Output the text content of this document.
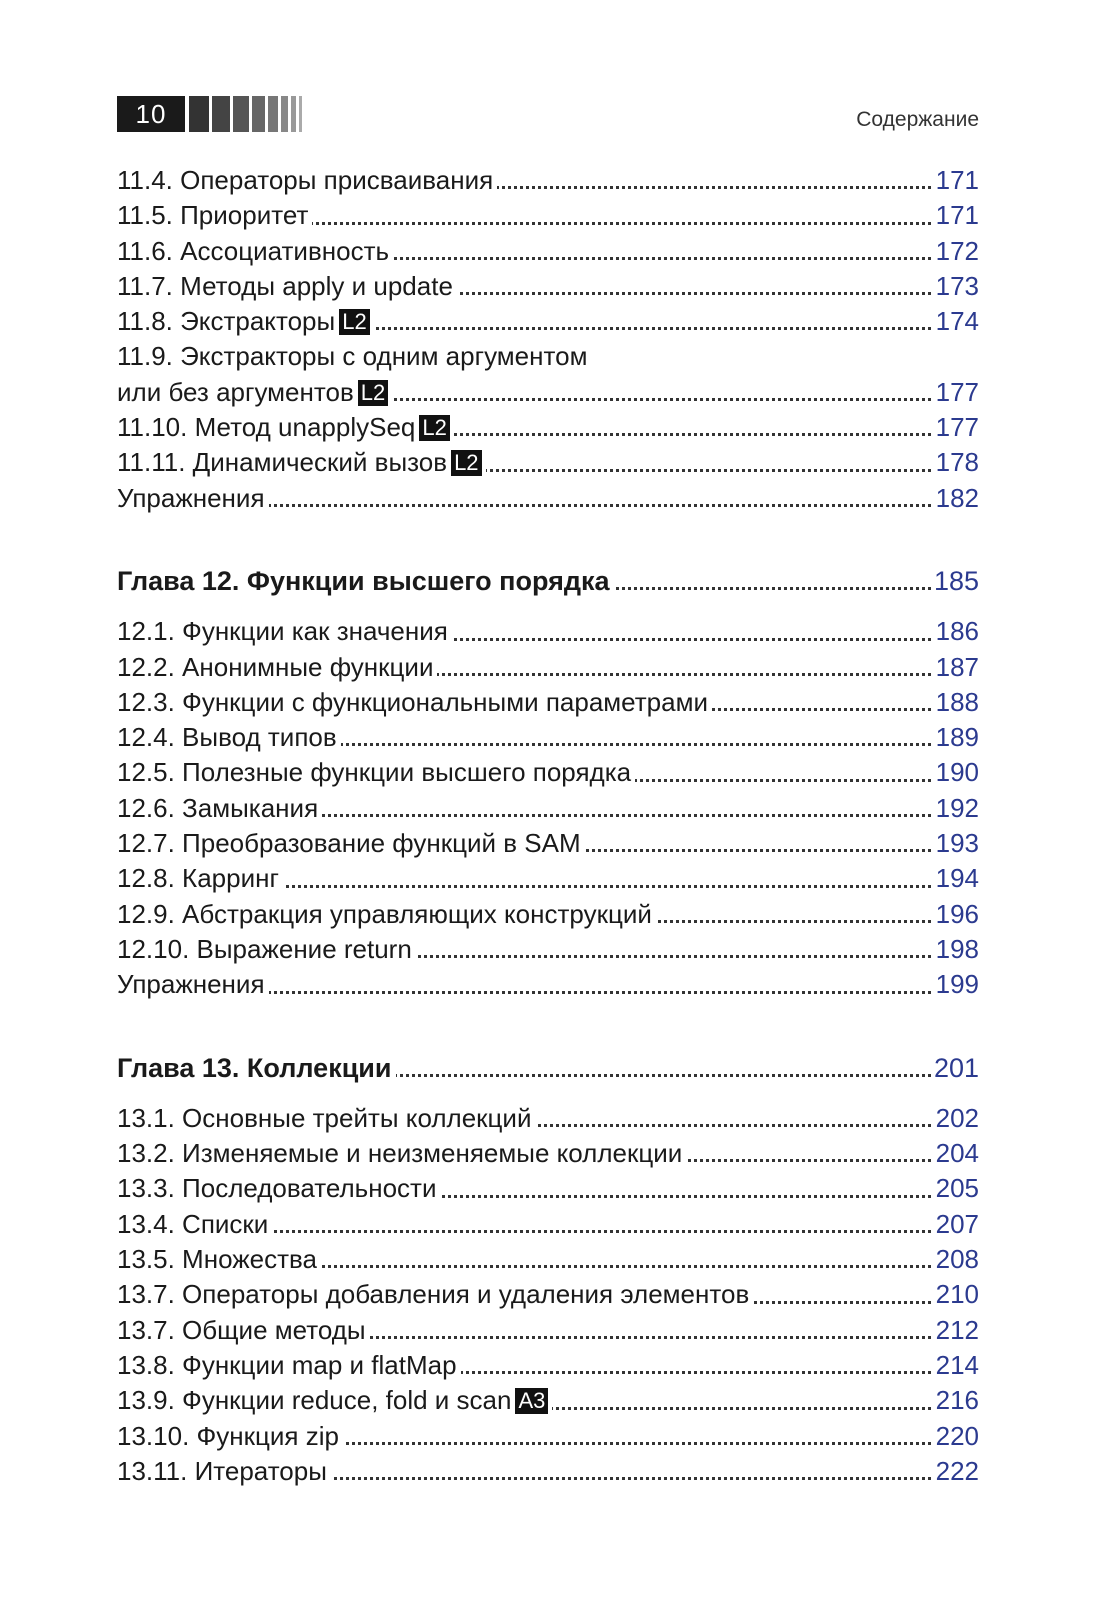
10	Содержание
11.4. Операторы присваивания	171
11.5. Приоритет	171
11.6. Ассоциативность	172
11.7. Методы apply и update	173
11.8. Экстракторы L2	174
11.9. Экстракторы с одним аргументом
или без аргументов L2	177
11.10. Метод unapplySeq L2	177
11.11. Динамический вызов L2	178
Упражнения	182
Глава 12. Функции высшего порядка	185
12.1. Функции как значения	186
12.2. Анонимные функции	187
12.3. Функции с функциональными параметрами	188
12.4. Вывод типов	189
12.5. Полезные функции высшего порядка	190
12.6. Замыкания	192
12.7. Преобразование функций в SAM	193
12.8. Карринг	194
12.9. Абстракция управляющих конструкций	196
12.10. Выражение return	198
Упражнения	199
Глава 13. Коллекции	201
13.1. Основные трейты коллекций	202
13.2. Изменяемые и неизменяемые коллекции	204
13.3. Последовательности	205
13.4. Списки	207
13.5. Множества	208
13.7. Операторы добавления и удаления элементов	210
13.7. Общие методы	212
13.8. Функции map и flatMap	214
13.9. Функции reduce, fold и scan A3	216
13.10. Функция zip	220
13.11. Итераторы	222
